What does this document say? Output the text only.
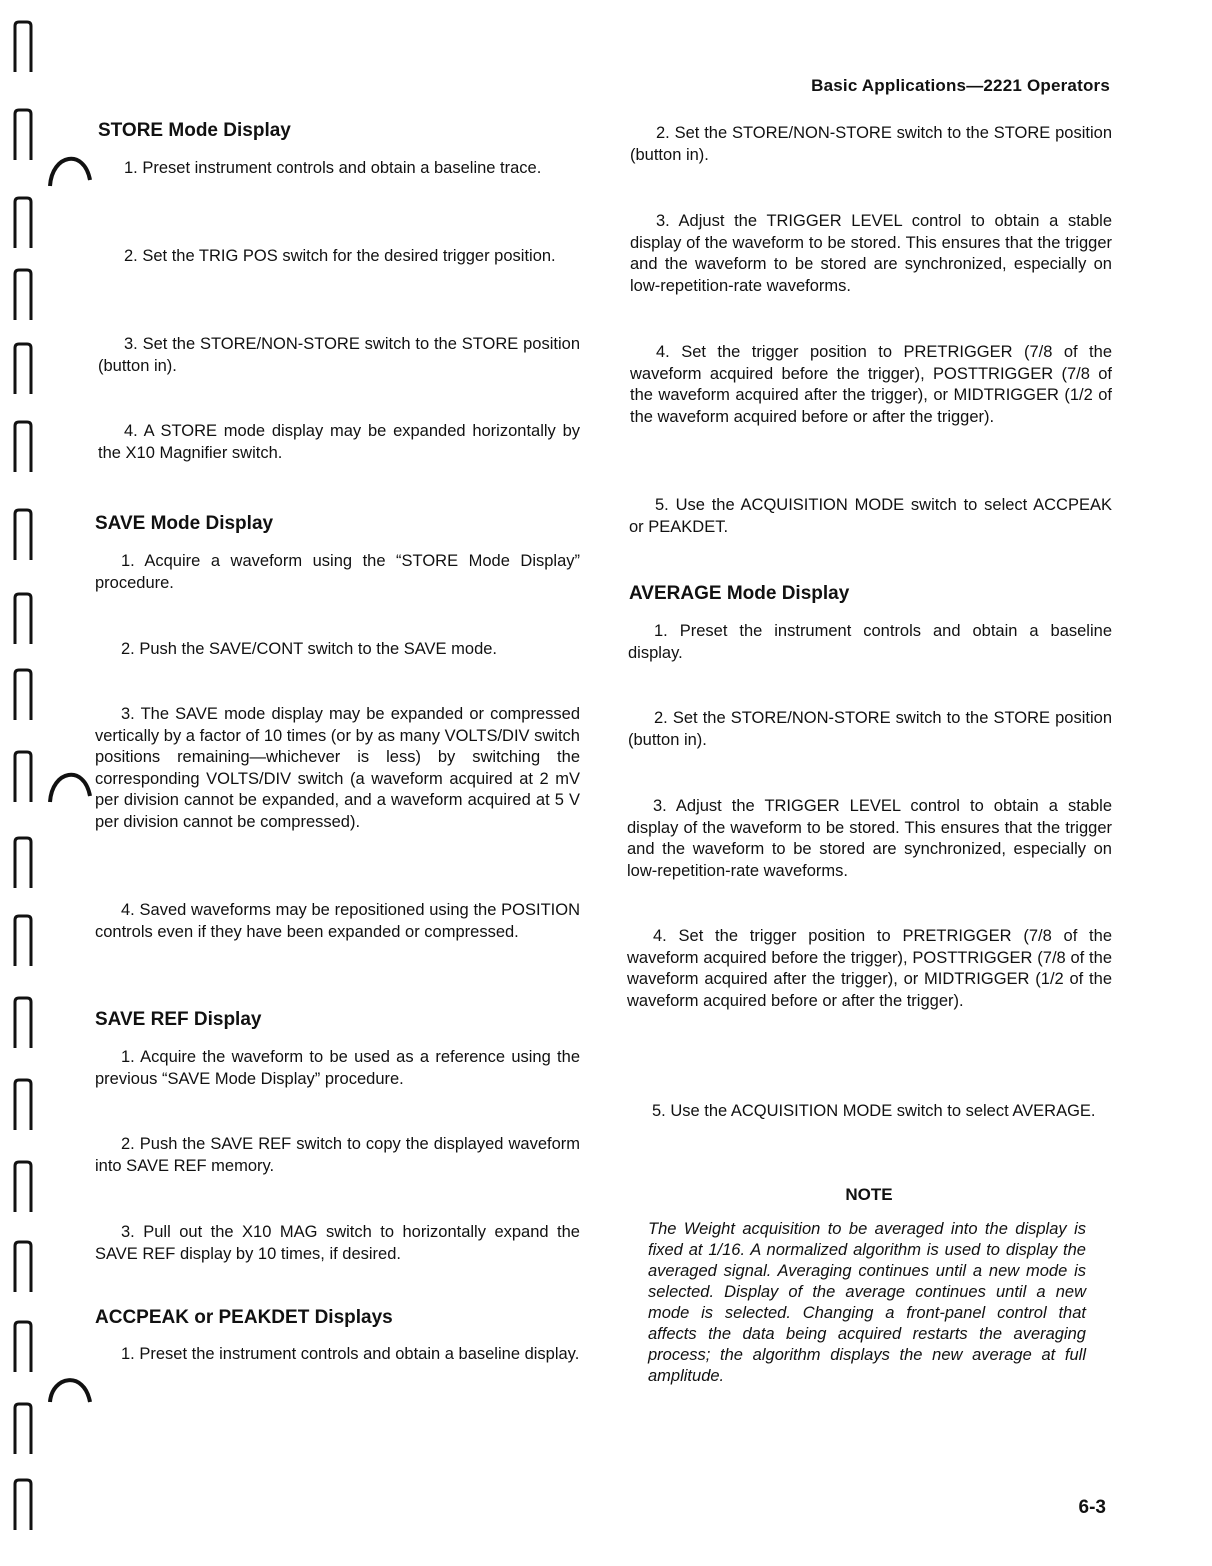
Basic Applications—2221 Operators
STORE Mode Display

1. Preset instrument controls and obtain a baseline trace.

2. Set the TRIG POS switch for the desired trigger position.

3. Set the STORE/NON-STORE switch to the STORE position (button in).

4. A STORE mode display may be expanded horizontally by the X10 Magnifier switch.

SAVE Mode Display

1. Acquire a waveform using the “STORE Mode Display” procedure.

2. Push the SAVE/CONT switch to the SAVE mode.

3. The SAVE mode display may be expanded or compressed vertically by a factor of 10 times (or by as many VOLTS/DIV switch positions remaining—whichever is less) by switching the corresponding VOLTS/DIV switch (a waveform acquired at 2 mV per division cannot be expanded, and a waveform acquired at 5 V per division cannot be compressed).

4. Saved waveforms may be repositioned using the POSITION controls even if they have been expanded or compressed.

SAVE REF Display

1. Acquire the waveform to be used as a reference using the previous “SAVE Mode Display” procedure.

2. Push the SAVE REF switch to copy the displayed waveform into SAVE REF memory.

3. Pull out the X10 MAG switch to horizontally expand the SAVE REF display by 10 times, if desired.

ACCPEAK or PEAKDET Displays

1. Preset the instrument controls and obtain a baseline display.

2. Set the STORE/NON-STORE switch to the STORE position (button in).

3. Adjust the TRIGGER LEVEL control to obtain a stable display of the waveform to be stored. This ensures that the trigger and the waveform to be stored are synchronized, especially on low-repetition-rate waveforms.

4. Set the trigger position to PRETRIGGER (7/8 of the waveform acquired before the trigger), POSTTRIGGER (7/8 of the waveform acquired after the trigger), or MIDTRIGGER (1/2 of the waveform acquired before or after the trigger).

5. Use the ACQUISITION MODE switch to select ACCPEAK or PEAKDET.

AVERAGE Mode Display

1. Preset the instrument controls and obtain a baseline display.

2. Set the STORE/NON-STORE switch to the STORE position (button in).

3. Adjust the TRIGGER LEVEL control to obtain a stable display of the waveform to be stored. This ensures that the trigger and the waveform to be stored are synchronized, especially on low-repetition-rate waveforms.

4. Set the trigger position to PRETRIGGER (7/8 of the waveform acquired before the trigger), POSTTRIGGER (7/8 of the waveform acquired after the trigger), or MIDTRIGGER (1/2 of the waveform acquired before or after the trigger).

5. Use the ACQUISITION MODE switch to select AVERAGE.

NOTE

The Weight acquisition to be averaged into the display is fixed at 1/16. A normalized algorithm is used to display the averaged signal. Averaging continues until a new mode is selected. Display of the average continues until a new mode is selected. Changing a front-panel control that affects the data being acquired restarts the averaging process; the algorithm displays the new average at full amplitude.

6-3
